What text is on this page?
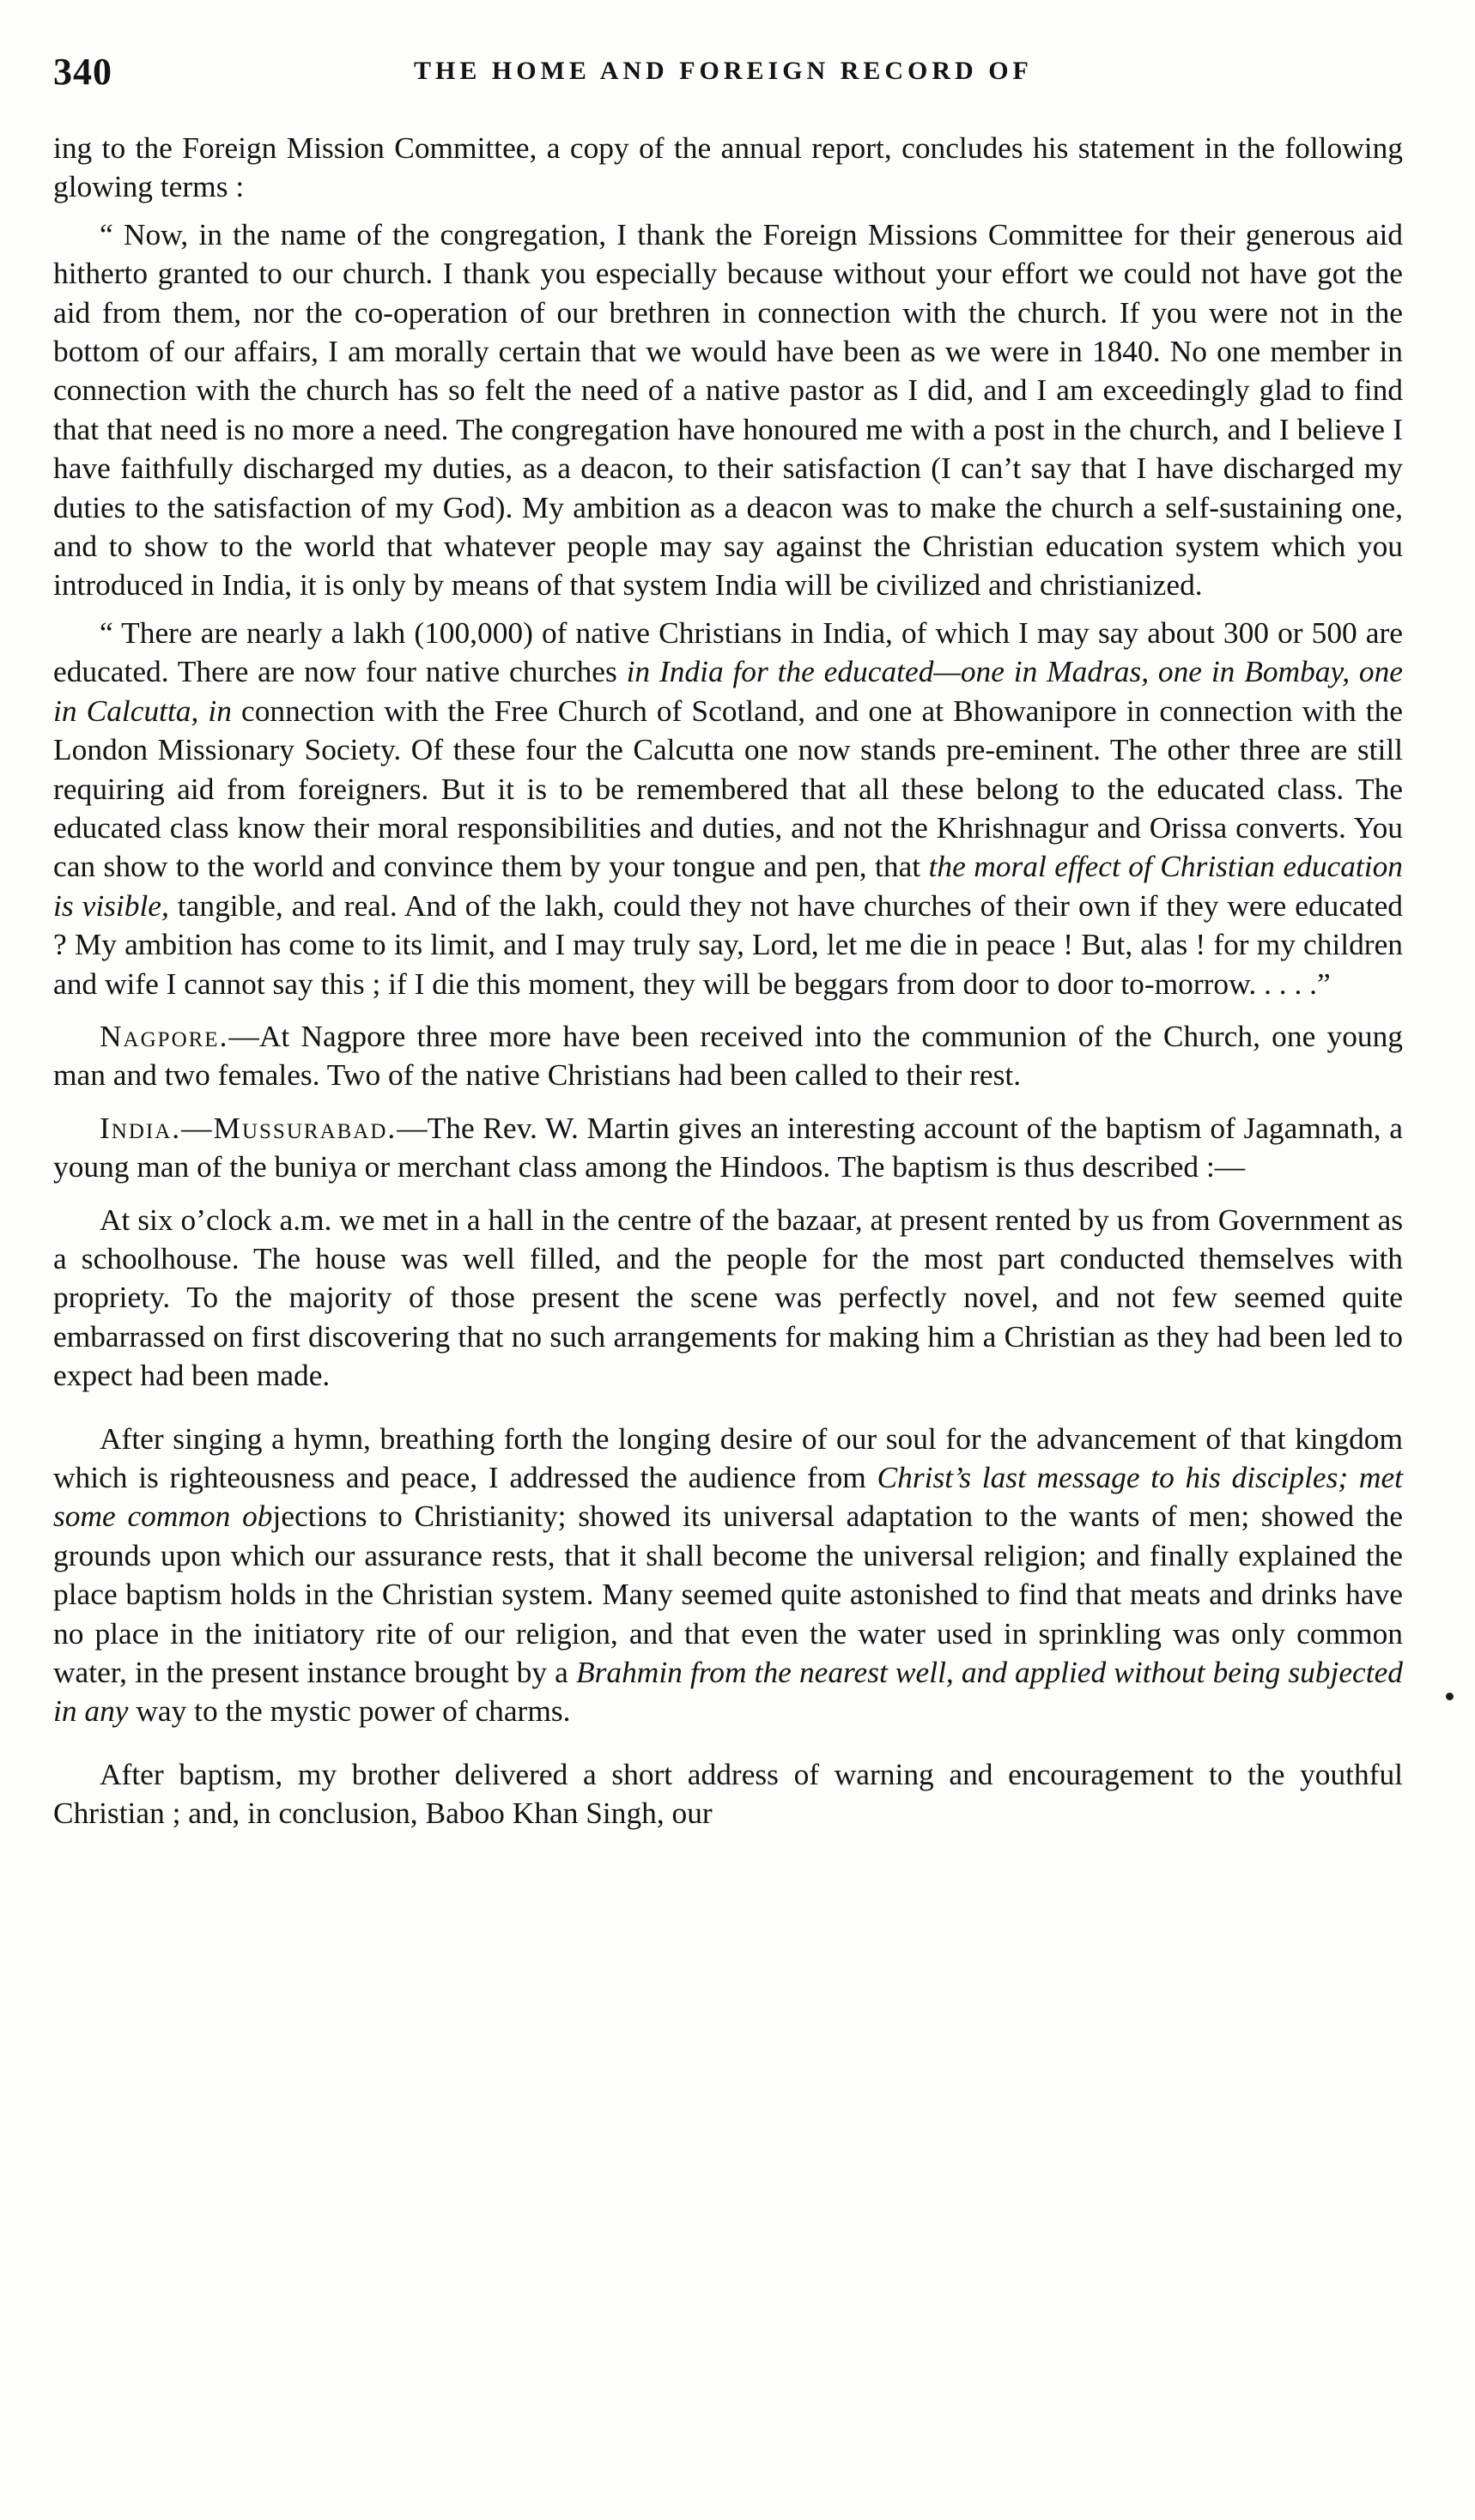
340	THE HOME AND FOREIGN RECORD OF

ing to the Foreign Mission Committee, a copy of the annual report, concludes his statement in the following glowing terms :

“ Now, in the name of the congregation, I thank the Foreign Missions Committee for their generous aid hitherto granted to our church. I thank you especially because without your effort we could not have got the aid from them, nor the co-operation of our brethren in connection with the church. If you were not in the bottom of our affairs, I am morally certain that we would have been as we were in 1840. No one member in connection with the church has so felt the need of a native pastor as I did, and I am exceedingly glad to find that that need is no more a need. The congregation have honoured me with a post in the church, and I believe I have faithfully discharged my duties, as a deacon, to their satisfaction (I can’t say that I have discharged my duties to the satisfaction of my God). My ambition as a deacon was to make the church a self-sustaining one, and to show to the world that whatever people may say against the Christian education system which you introduced in India, it is only by means of that system India will be civilized and christianized.

“ There are nearly a lakh (100,000) of native Christians in India, of which I may say about 300 or 500 are educated. There are now four native churches in India for the educated—one in Madras, one in Bombay, one in Calcutta, in connection with the Free Church of Scotland, and one at Bhowanipore in connection with the London Missionary Society. Of these four the Calcutta one now stands pre-eminent. The other three are still requiring aid from foreigners. But it is to be remembered that all these belong to the educated class. The educated class know their moral responsibilities and duties, and not the Khrishnagur and Orissa converts. You can show to the world and convince them by your tongue and pen, that the moral effect of Christian education is visible, tangible, and real. And of the lakh, could they not have churches of their own if they were educated ? My ambition has come to its limit, and I may truly say, Lord, let me die in peace ! But, alas ! for my children and wife I cannot say this ; if I die this moment, they will be beggars from door to door to-morrow. . . . .”

Nagpore.—At Nagpore three more have been received into the communion of the Church, one young man and two females. Two of the native Christians had been called to their rest.

India.—Mussurabad.—The Rev. W. Martin gives an interesting account of the baptism of Jagamnath, a young man of the buniya or merchant class among the Hindoos. The baptism is thus described :—

At six o’clock a.m. we met in a hall in the centre of the bazaar, at present rented by us from Government as a schoolhouse. The house was well filled, and the people for the most part conducted themselves with propriety. To the majority of those present the scene was perfectly novel, and not few seemed quite embarrassed on first discovering that no such arrangements for making him a Christian as they had been led to expect had been made.

After singing a hymn, breathing forth the longing desire of our soul for the advancement of that kingdom which is righteousness and peace, I addressed the audience from Christ’s last message to his disciples; met some common objections to Christianity; showed its universal adaptation to the wants of men; showed the grounds upon which our assurance rests, that it shall become the universal religion; and finally explained the place baptism holds in the Christian system. Many seemed quite astonished to find that meats and drinks have no place in the initiatory rite of our religion, and that even the water used in sprinkling was only common water, in the present instance brought by a Brahmin from the nearest well, and applied without being subjected in any way to the mystic power of charms.

After baptism, my brother delivered a short address of warning and encouragement to the youthful Christian ; and, in conclusion, Baboo Khan Singh, our
